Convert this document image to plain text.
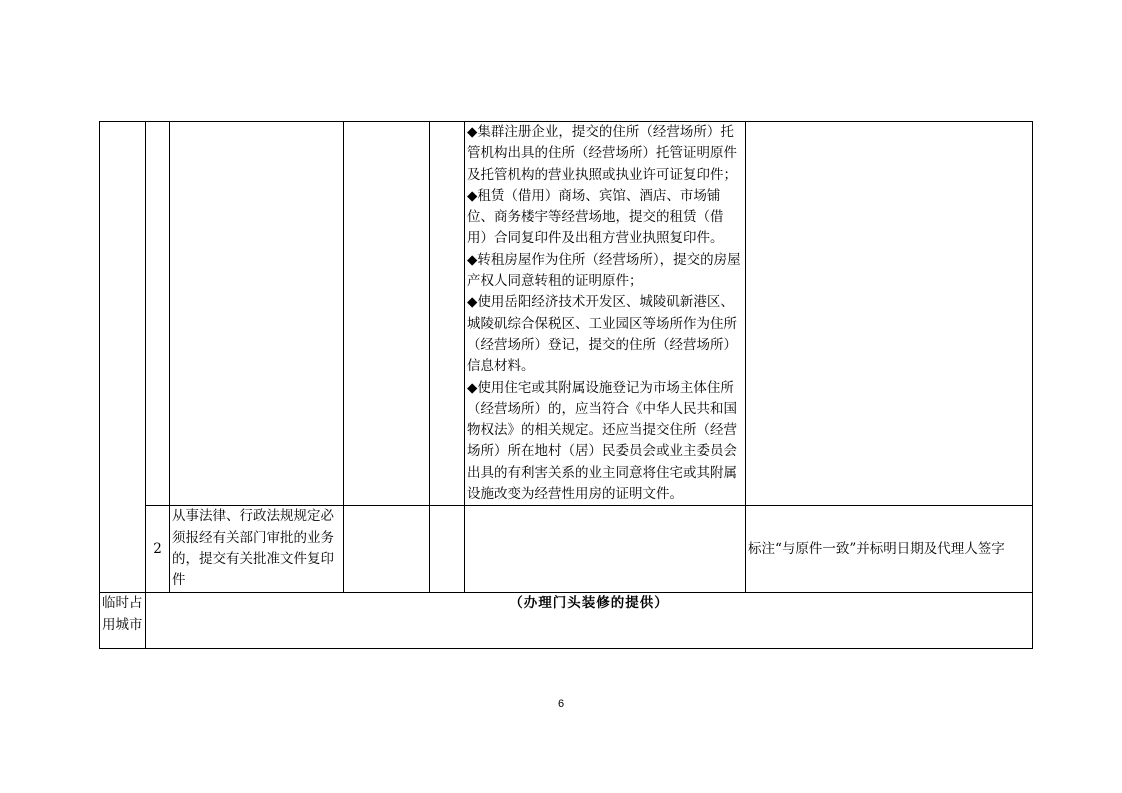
					◆集群注册企业，提交的住所（经营场所）托管机构出具的住所（经营场所）托管证明原件及托管机构的营业执照或执业许可证复印件；
◆租赁（借用）商场、宾馆、酒店、市场铺位、商务楼宇等经营场地，提交的租赁（借用）合同复印件及出租方营业执照复印件。
◆转租房屋作为住所（经营场所），提交的房屋产权人同意转租的证明原件；
◆使用岳阳经济技术开发区、城陵矶新港区、城陵矶综合保税区、工业园区等场所作为住所（经营场所）登记，提交的住所（经营场所）信息材料。
◆使用住宅或其附属设施登记为市场主体住所（经营场所）的，应当符合《中华人民共和国物权法》的相关规定。还应当提交住所（经营场所）所在地村（居）民委员会或业主委员会出具的有利害关系的业主同意将住宅或其附属设施改变为经营性用房的证明文件。	

	2	从事法律、行政法规规定必须报经有关部门审批的业务的，提交有关批准文件复印件				标注“与原件一致”并标明日期及代理人签字
临时占用城市	（办理门头装修的提供）					
6
